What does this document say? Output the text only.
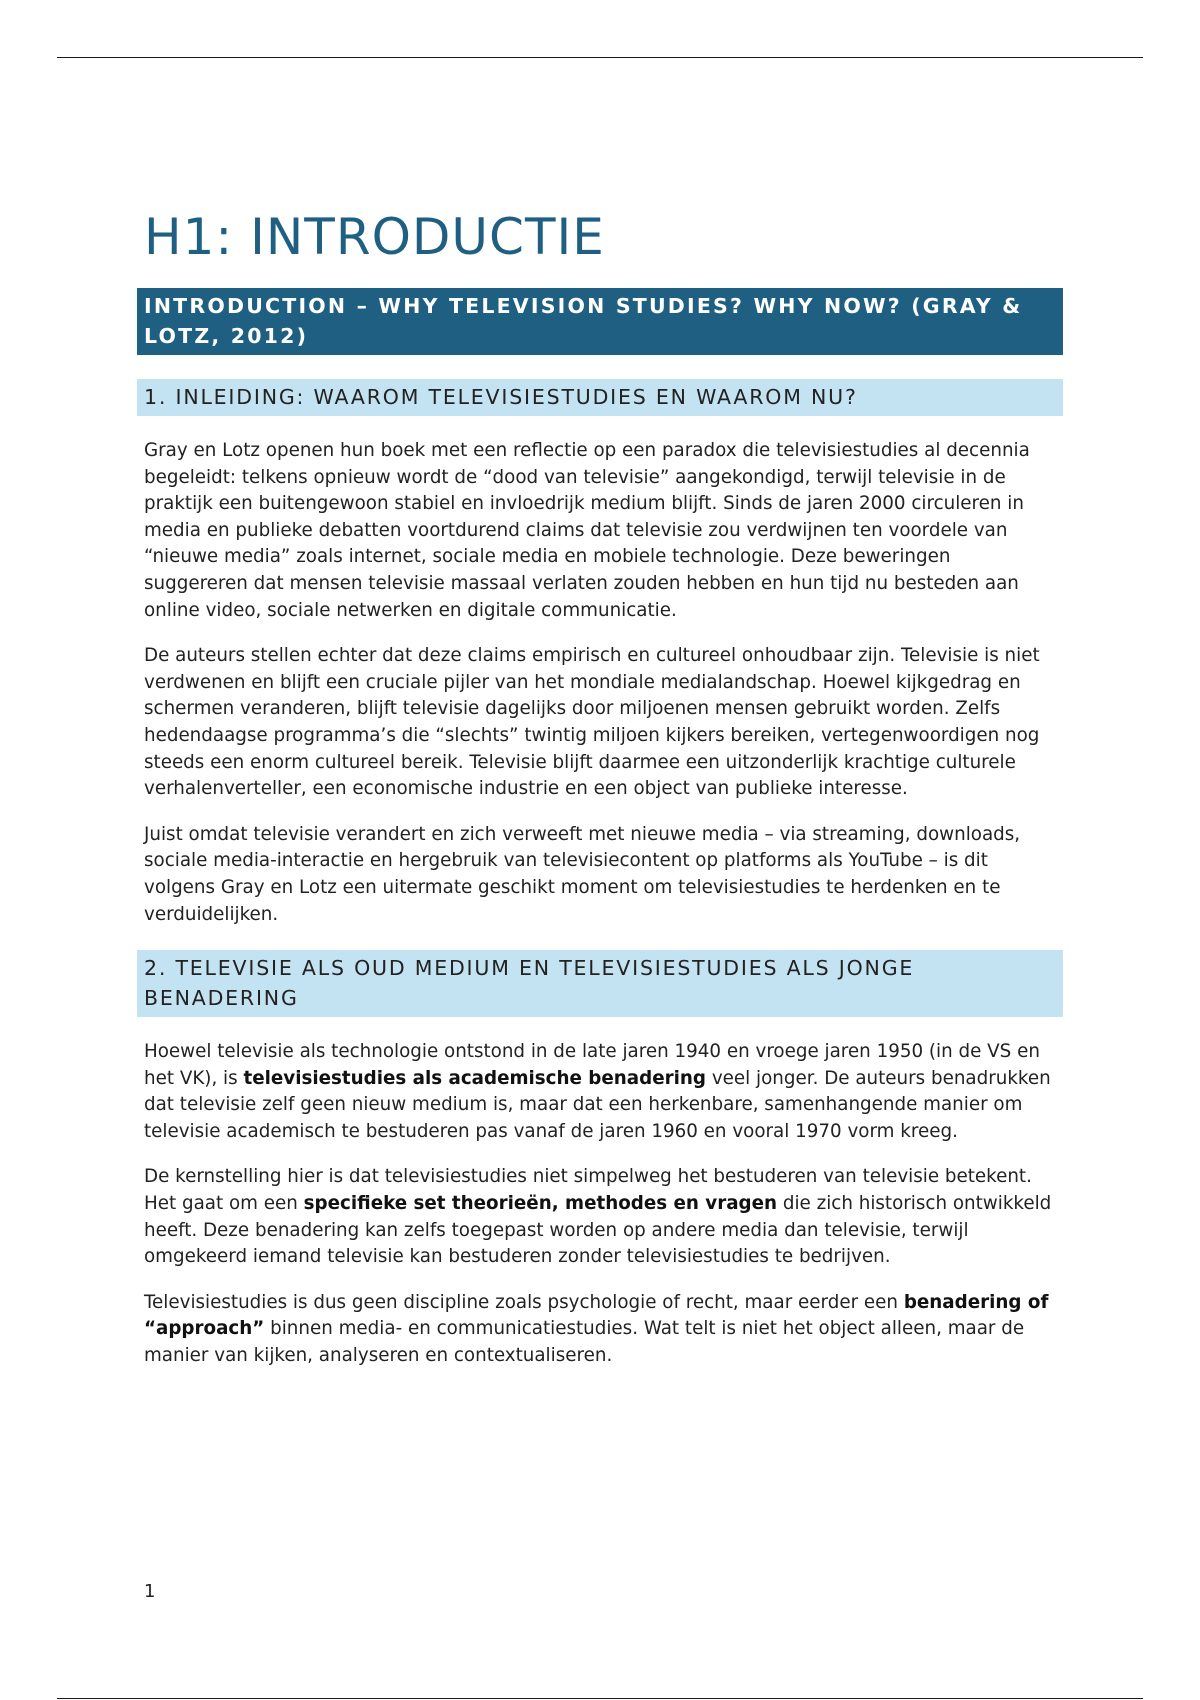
H1: INTRODUCTIE
INTRODUCTION – WHY TELEVISION STUDIES? WHY NOW? (GRAY & LOTZ, 2012)
1. INLEIDING: WAAROM TELEVISIESTUDIES EN WAAROM NU?

Gray en Lotz openen hun boek met een reflectie op een paradox die televisiestudies al decennia begeleidt: telkens opnieuw wordt de “dood van televisie” aangekondigd, terwijl televisie in de praktijk een buitengewoon stabiel en invloedrijk medium blijft. Sinds de jaren 2000 circuleren in media en publieke debatten voortdurend claims dat televisie zou verdwijnen ten voordele van “nieuwe media” zoals internet, sociale media en mobiele technologie. Deze beweringen suggereren dat mensen televisie massaal verlaten zouden hebben en hun tijd nu besteden aan online video, sociale netwerken en digitale communicatie.

De auteurs stellen echter dat deze claims empirisch en cultureel onhoudbaar zijn. Televisie is niet verdwenen en blijft een cruciale pijler van het mondiale medialandschap. Hoewel kijkgedrag en schermen veranderen, blijft televisie dagelijks door miljoenen mensen gebruikt worden. Zelfs hedendaagse programma’s die “slechts” twintig miljoen kijkers bereiken, vertegenwoordigen nog steeds een enorm cultureel bereik. Televisie blijft daarmee een uitzonderlijk krachtige culturele verhalenverteller, een economische industrie en een object van publieke interesse.

Juist omdat televisie verandert en zich verweeft met nieuwe media – via streaming, downloads, sociale media-interactie en hergebruik van televisiecontent op platforms als YouTube – is dit volgens Gray en Lotz een uitermate geschikt moment om televisiestudies te herdenken en te verduidelijken.

2. TELEVISIE ALS OUD MEDIUM EN TELEVISIESTUDIES ALS JONGE BENADERING

Hoewel televisie als technologie ontstond in de late jaren 1940 en vroege jaren 1950 (in de VS en het VK), is televisiestudies als academische benadering veel jonger. De auteurs benadrukken dat televisie zelf geen nieuw medium is, maar dat een herkenbare, samenhangende manier om televisie academisch te bestuderen pas vanaf de jaren 1960 en vooral 1970 vorm kreeg.

De kernstelling hier is dat televisiestudies niet simpelweg het bestuderen van televisie betekent. Het gaat om een specifieke set theorieën, methodes en vragen die zich historisch ontwikkeld heeft. Deze benadering kan zelfs toegepast worden op andere media dan televisie, terwijl omgekeerd iemand televisie kan bestuderen zonder televisiestudies te bedrijven.

Televisiestudies is dus geen discipline zoals psychologie of recht, maar eerder een benadering of “approach” binnen media- en communicatiestudies. Wat telt is niet het object alleen, maar de manier van kijken, analyseren en contextualiseren.

1
